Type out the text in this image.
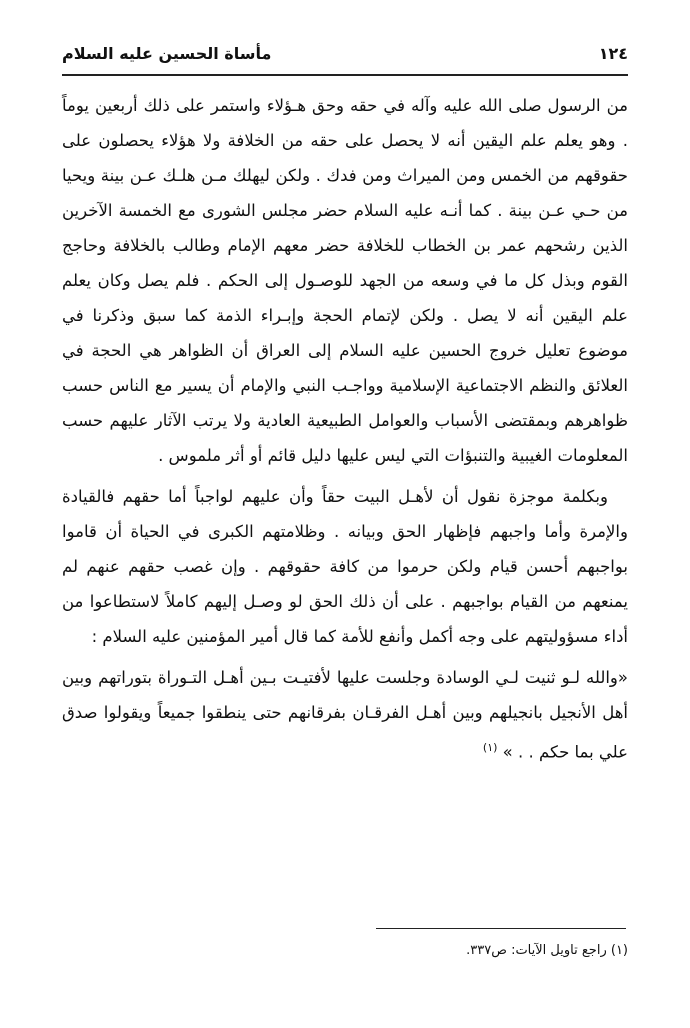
١٢٤
مأساة الحسين عليه السلام

من الرسول صلى الله عليه وآله في حقه وحق هـؤلاء واستمر على ذلك أربعين يوماً . وهو يعلم علم اليقين أنه لا يحصل على حقه من الخلافة ولا هؤلاء يحصلون على حقوقهم من الخمس ومن الميراث ومن فدك . ولكن ليهلك مـن هلـك عـن بينة ويحيا من حـي عـن بينة . كما أنـه عليه السلام حضر مجلس الشورى مع الخمسة الآخرين الذين رشحهم عمر بن الخطاب للخلافة حضر معهم الإمام وطالب بالخلافة وحاجج القوم وبذل كل ما في وسعه من الجهد للوصـول إلى الحكم . فلم يصل وكان يعلم علم اليقين أنه لا يصل . ولكن لإتمام الحجة وإبـراء الذمة كما سبق وذكرنا في موضوع تعليل خروج الحسين عليه السلام إلى العراق أن الظواهر هي الحجة في العلائق والنظم الاجتماعية الإسلامية وواجـب النبي والإمام أن يسير مع الناس حسب ظواهرهم وبمقتضى الأسباب والعوامل الطبيعية العادية ولا يرتب الآثار عليهم حسب المعلومات الغيبية والتنبؤات التي ليس عليها دليل قائم أو أثر ملموس .

وبكلمة موجزة نقول أن لأهـل البيت حقاً وأن عليهم لواجباً أما حقهم فالقيادة والإمرة وأما واجبهم فإظهار الحق وبيانه . وظلامتهم الكبرى في الحياة أن قاموا بواجبهم أحسن قيام ولكن حرموا من كافة حقوقهم . وإن غصب حقهم عنهم لم يمنعهم من القيام بواجبهم . على أن ذلك الحق لو وصـل إليهم كاملاً لاستطاعوا من أداء مسؤوليتهم على وجه أكمل وأنفع للأمة كما قال أمير المؤمنين عليه السلام :

«والله لـو ثنيت لـي الوسادة وجلست عليها لأفتيـت بـين أهـل التـوراة بتوراتهم وبين أهل الأنجيل بانجيلهم وبين أهـل الفرقـان بفرقانهم حتى ينطقوا جميعاً ويقولوا صدق علي بما حكم . . » $^{(١)}$

(١) راجع تاويل الآيات: ص٣٣٧.
